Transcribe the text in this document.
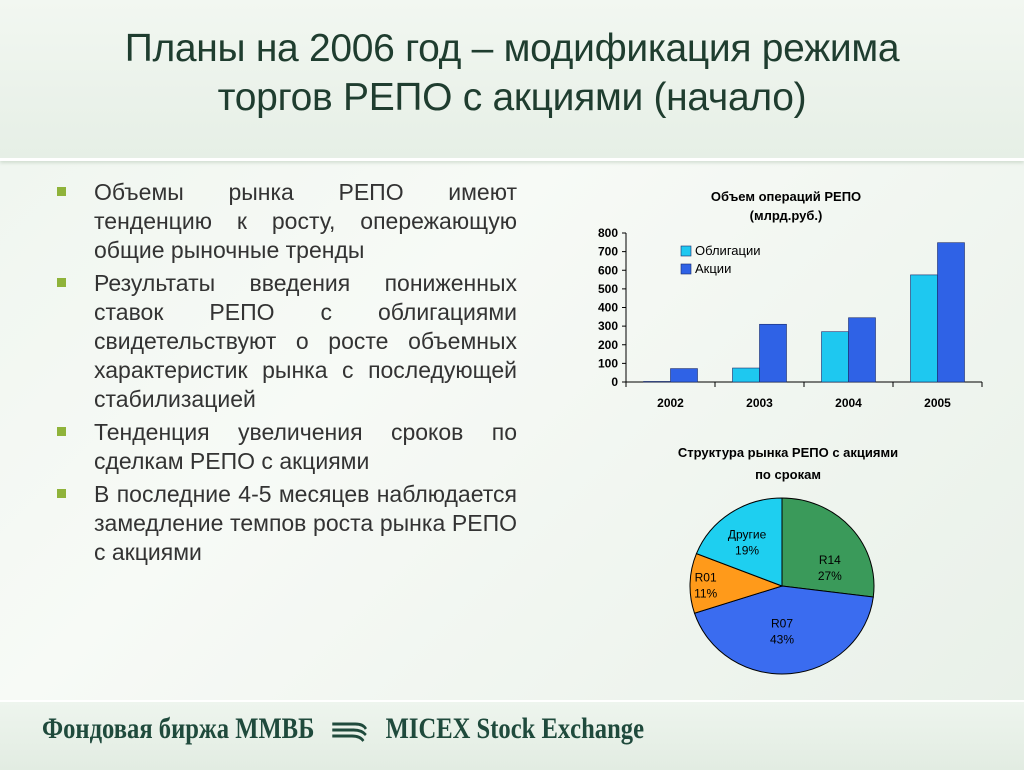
Планы на 2006 год – модификация режима
торгов РЕПО с акциями (начало)
Объемы рынка РЕПО имеют тенденцию к росту, опережающую общие рыночные тренды
Результаты введения пониженных ставок РЕПО с облигациями свидетельствуют о росте объемных характеристик рынка с последующей стабилизацией
Тенденция увеличения сроков по сделкам РЕПО с акциями
В последние 4-5 месяцев наблюдается замедление темпов роста рынка РЕПО с акциями
Объем операций РЕПО
(млрд.руб.)
0
100
200
300
400
500
600
700
800
2002	2003	2004	2005
Облигации
Акции
Структура рынка РЕПО с акциями
по срокам
R14
27%
R07
43%
R01
11%
Другие
19%
Фондовая биржа ММВБ MICEX Stock Exchange
